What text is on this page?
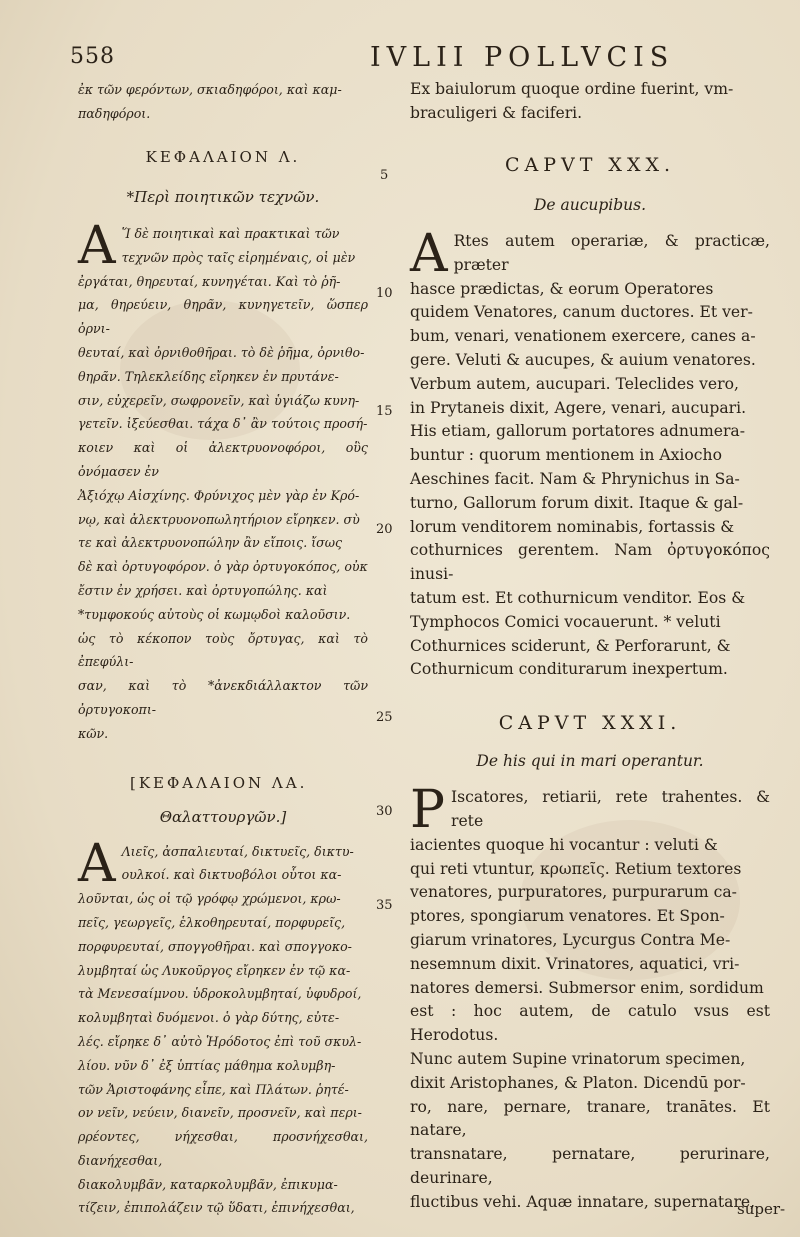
558	IVLII POLLVCIS

ἐκ τῶν φερόντων, σκιαδηφόροι, καὶ καμ-
παδηφόροι.

ΚΕΦΑΛΑΙΟΝ Λ.

*Περὶ ποιητικῶν τεχνῶν.

A Ἵ δὲ ποιητικαὶ καὶ πρακτικαὶ τῶν
τεχνῶν πρὸς ταῖς εἰρημέναις, οἱ μὲν
ἐργάται, θηρευταί, κυνηγέται. Καὶ τὸ ῥῆ-
μα, θηρεύειν, θηρᾶν, κυνηγετεῖν, ὥσπερ ὀρνι-
θευταί, καὶ ὀρνιθοθῆραι. τὸ δὲ ῥῆμα, ὀρνιθο-
θηρᾶν. Τηλεκλείδης εἴρηκεν ἐν πρυτάνε-
σιν, εὐχερεῖν, σωφρονεῖν, καὶ ὑγιάζω κυνη-
γετεῖν. ἰξεύεσθαι. τάχα δ᾽ ἂν τούτοις προσή-
κοιεν καὶ οἱ ἀλεκτρυονοφόροι, οὓς ὀνόμασεν ἐν
Ἀξιόχῳ Αἰσχίνης. Φρύνιχος μὲν γὰρ ἐν Κρό-
νῳ, καὶ ἀλεκτρυονοπωλητήριον εἴρηκεν. σὺ
τε καὶ ἀλεκτρυονοπώλην ἂν εἴποις. ἴσως
δὲ καὶ ὀρτυγοφόρον. ὁ γὰρ ὀρτυγοκόπος, οὐκ
ἔστιν ἐν χρήσει. καὶ ὀρτυγοπώλης. καὶ
*τυμφοκούς αὐτοὺς οἱ κωμῳδοὶ καλοῦσιν.
ὡς τὸ κέκοπον τοὺς ὄρτυγας, καὶ τὸ ἐπεφύλι-
σαν, καὶ τὸ *ἀνεκδιάλλακτον τῶν ὀρτυγοκοπι-
κῶν.

[ΚΕΦΑΛΑΙΟΝ ΛΑ.

Θαλαττουργῶν.]

A Λιεῖς, ἀσπαλιευταί, δικτυεῖς, δικτυ-
ουλκοί. καὶ δικτυοβόλοι οὗτοι κα-
λοῦνται, ὡς οἱ τῷ γρόφῳ χρώμενοι, κρω-
πεῖς, γεωργεῖς, ἑλκοθηρευταί, πορφυρεῖς,
πορφυρευταί, σπογγοθῆραι. καὶ σπογγοκο-
λυμβηταί ὡς Λυκοῦργος εἴρηκεν ἐν τῷ κα-
τὰ Μενεσαίμνου. ὑδροκολυμβηταί, ὑφυδροί,
κολυμβηταὶ δυόμενοι. ὁ γὰρ δύτης, εὐτε-
λές. εἴρηκε δ᾽ αὐτὸ Ἡρόδοτος ἐπὶ τοῦ σκυλ-
λίου. νῦν δ᾽ ἐξ ὑπτίας μάθημα κολυμβη-
τῶν Ἀριστοφάνης εἶπε, καὶ Πλάτων. ῥητέ-
ον νεῖν, νεύειν, διανεῖν, προσνεῖν, καὶ περι-
ρρέοντες, νήχεσθαι, προσνήχεσθαι, διανήχεσθαι,
διακολυμβᾶν, καταρκολυμβᾶν, ἐπικυμα-
τίζειν, ἐπιπολάζειν τῷ ὕδατι, ἐπινήχεσθαι,

5
10
15
20
25
30
35

Ex baiulorum quoque ordine fuerint, vm-
braculigeri & faciferi.

CAPVT XXX.

De aucupibus.

A Rtes autem operariæ, & practicæ, præter
hasce prædictas, & eorum Operatores
quidem Venatores, canum ductores. Et ver-
bum, venari, venationem exercere, canes a-
gere. Veluti & aucupes, & auium venatores.
Verbum autem, aucupari. Teleclides vero,
in Prytaneis dixit, Agere, venari, aucupari.
His etiam, gallorum portatores adnumera-
buntur : quorum mentionem in Axiocho
Aeschines facit. Nam & Phrynichus in Sa-
turno, Gallorum forum dixit. Itaque & gal-
lorum venditorem nominabis, fortassis &
cothurnices gerentem. Nam ὀρτυγοκόπος inusi-
tatum est. Et cothurnicum venditor. Eos &
Tymphocos Comici vocauerunt. * veluti
Cothurnices sciderunt, & Perforarunt, &
Cothurnicum conditurarum inexpertum.

CAPVT XXXI.

De his qui in mari operantur.

P Iscatores, retiarii, rete trahentes. & rete
iacientes quoque hi vocantur : veluti &
qui reti vtuntur, κρωπεῖς. Retium textores
venatores, purpuratores, purpurarum ca-
ptores, spongiarum venatores. Et Spon-
giarum vrinatores, Lycurgus Contra Me-
nesemnum dixit. Vrinatores, aquatici, vri-
natores demersi. Submersor enim, sordidum
est : hoc autem, de catulo vsus est Herodotus.
Nunc autem Supine vrinatorum specimen,
dixit Aristophanes, & Platon. Dicendū por-
ro, nare, pernare, tranare, tranātes. Et natare,
transnatare, pernatare, perurinare, deurinare,
fluctibus vehi. Aquæ innatare, supernatare,

super-
